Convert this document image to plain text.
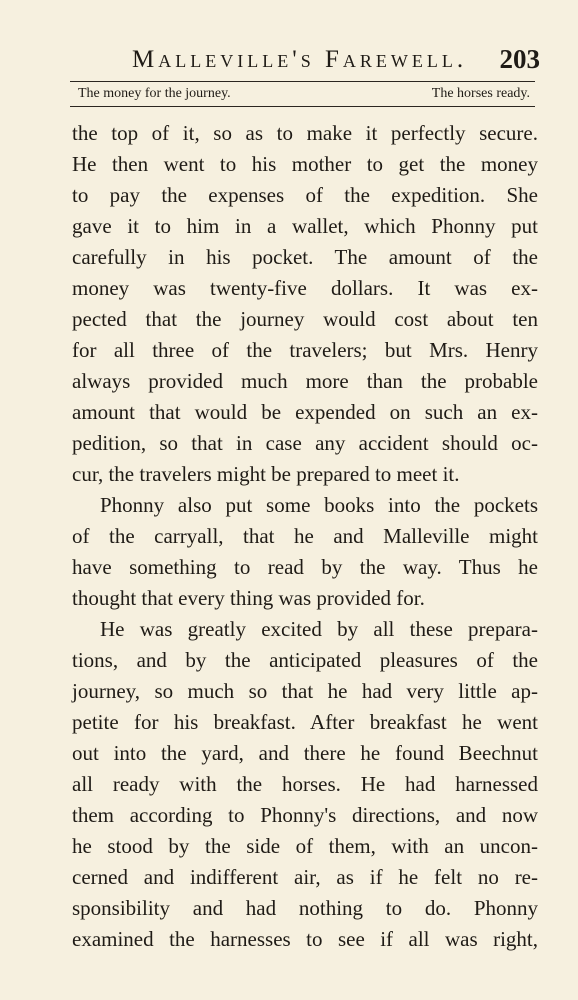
Malleville's Farewell. 203
The money for the journey.	The horses ready.
the top of it, so as to make it perfectly secure.
He then went to his mother to get the money
to pay the expenses of the expedition. She
gave it to him in a wallet, which Phonny put
carefully in his pocket. The amount of the
money was twenty-five dollars. It was ex-
pected that the journey would cost about ten
for all three of the travelers; but Mrs. Henry
always provided much more than the probable
amount that would be expended on such an ex-
pedition, so that in case any accident should oc-
cur, the travelers might be prepared to meet it.
Phonny also put some books into the pockets
of the carryall, that he and Malleville might
have something to read by the way. Thus he
thought that every thing was provided for.
He was greatly excited by all these prepara-
tions, and by the anticipated pleasures of the
journey, so much so that he had very little ap-
petite for his breakfast. After breakfast he went
out into the yard, and there he found Beechnut
all ready with the horses. He had harnessed
them according to Phonny's directions, and now
he stood by the side of them, with an uncon-
cerned and indifferent air, as if he felt no re-
sponsibility and had nothing to do. Phonny
examined the harnesses to see if all was right,
